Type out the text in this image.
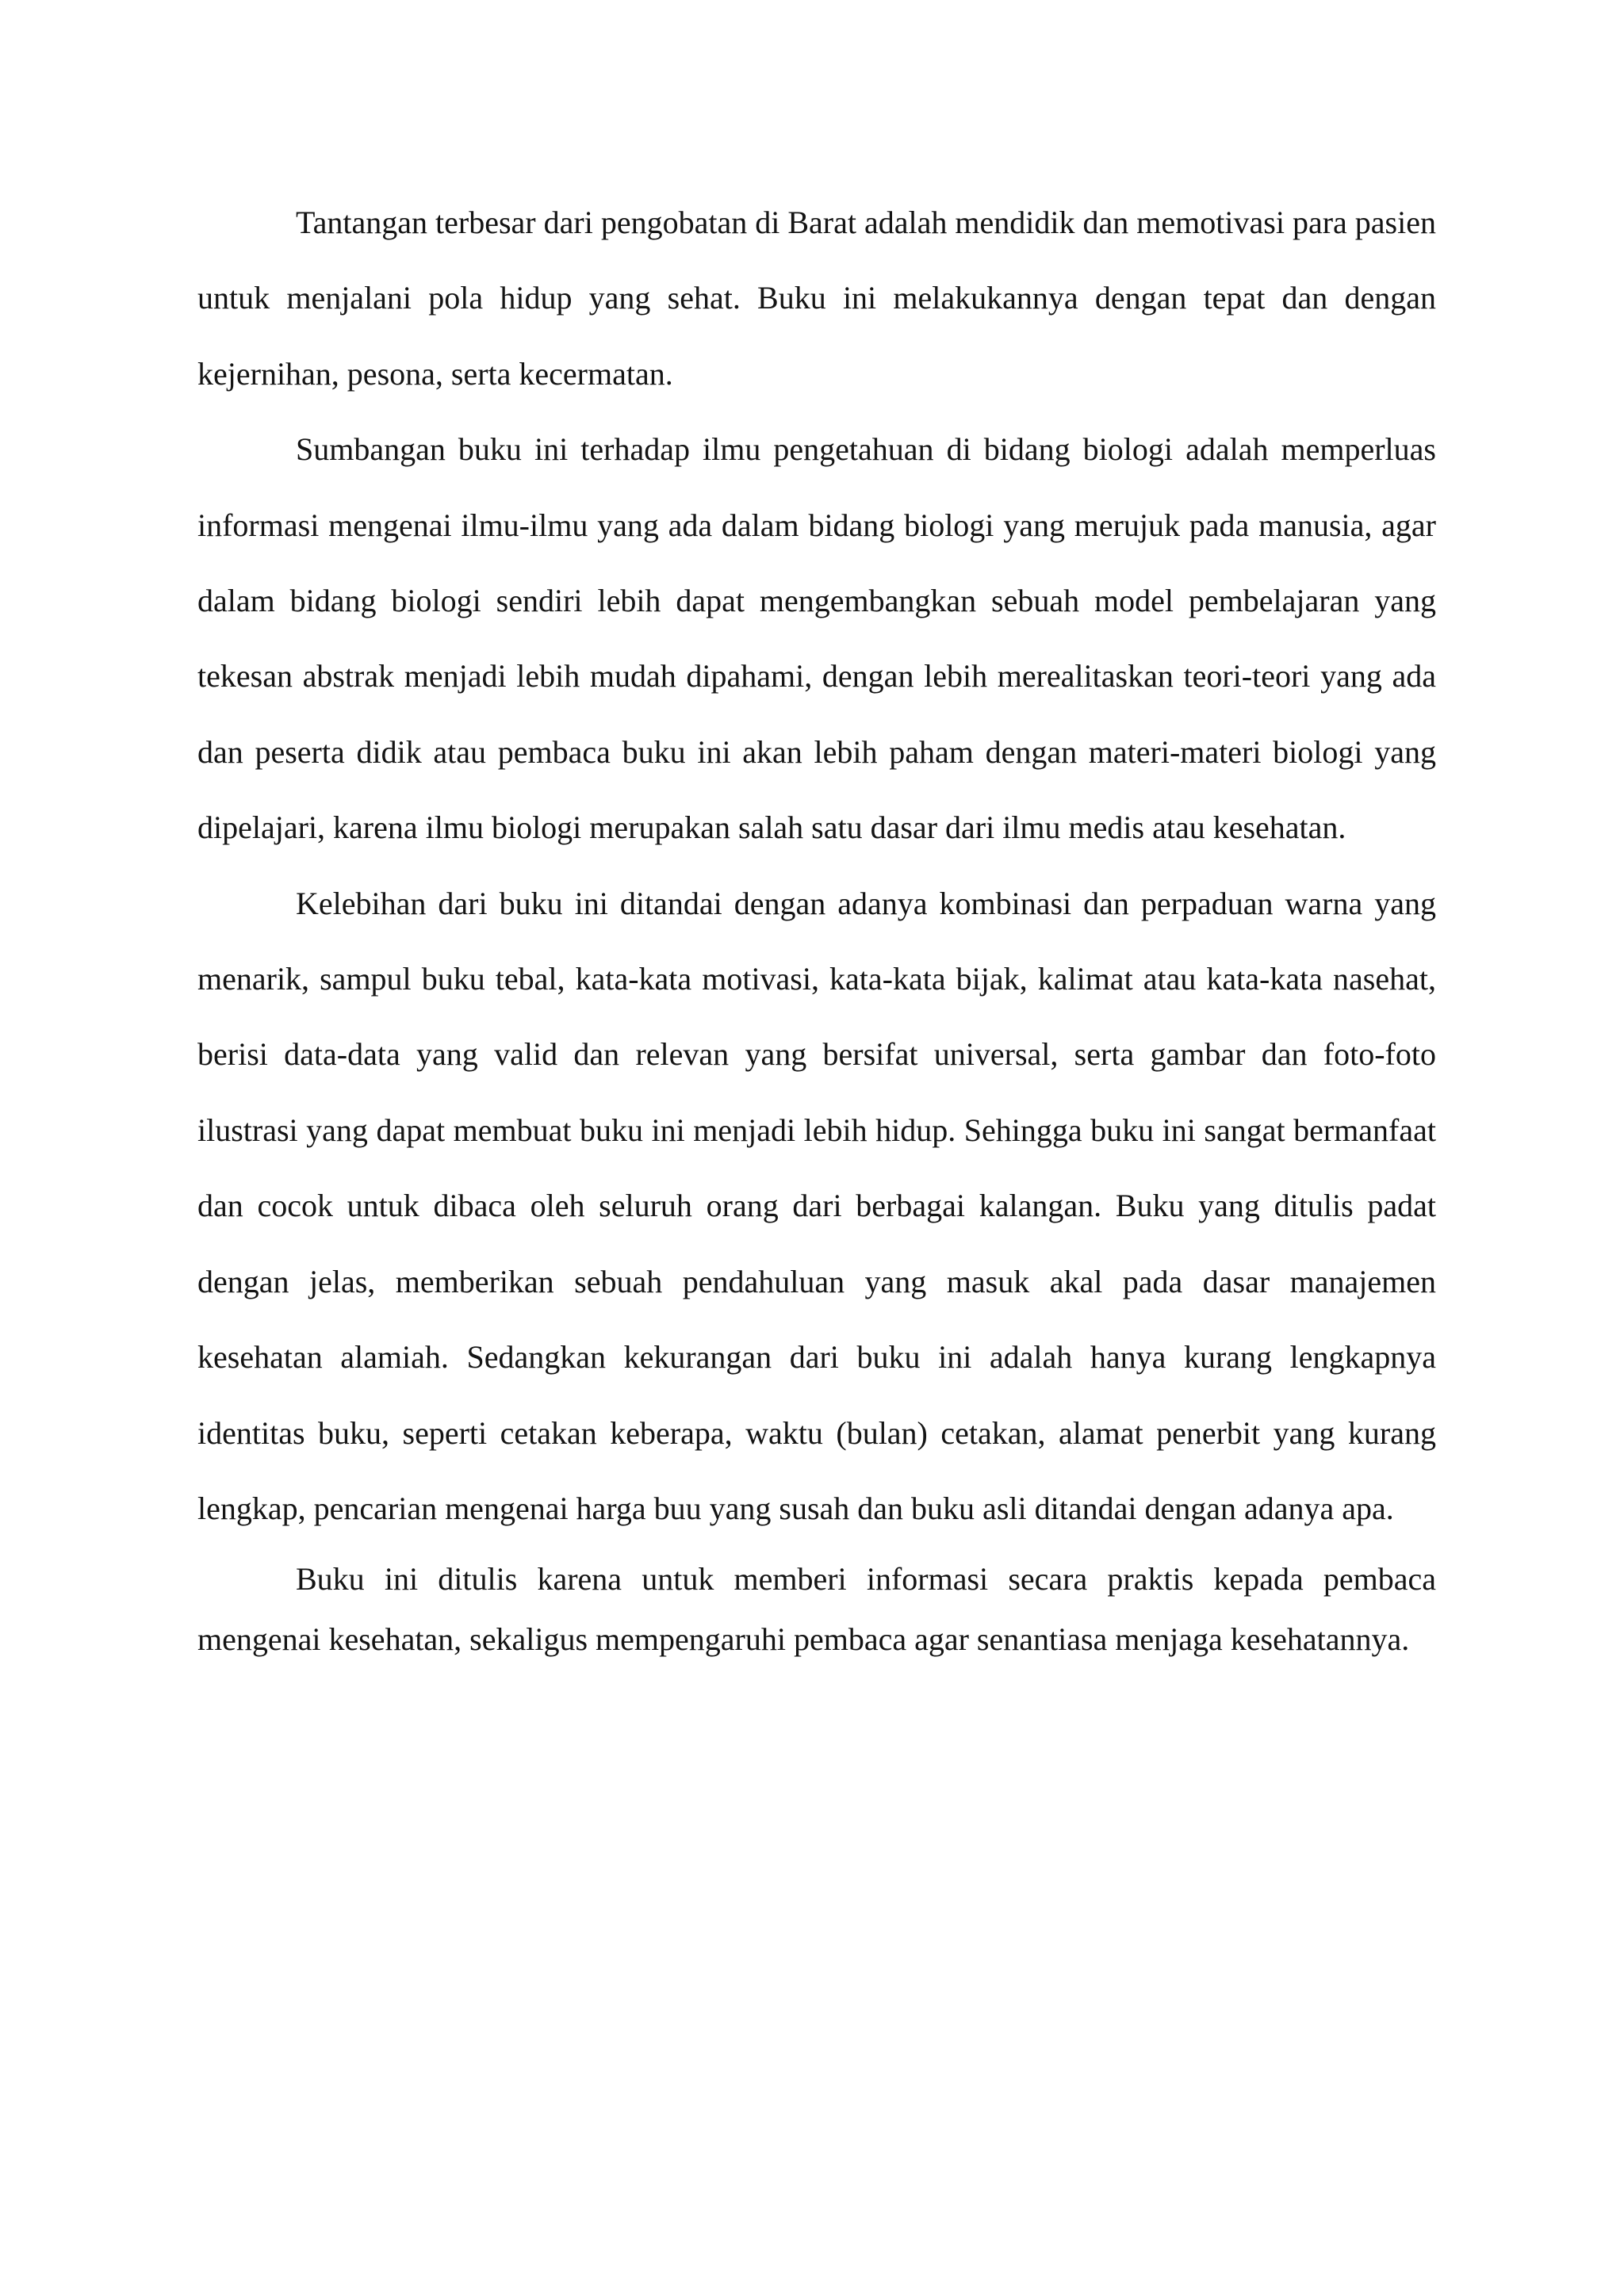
Tantangan terbesar dari pengobatan di Barat adalah mendidik dan memotivasi para pasien untuk menjalani pola hidup yang sehat. Buku ini melakukannya dengan tepat dan dengan kejernihan, pesona, serta kecermatan.

Sumbangan buku ini terhadap ilmu pengetahuan di bidang biologi adalah memperluas informasi mengenai ilmu-ilmu yang ada dalam bidang biologi yang merujuk pada manusia, agar dalam bidang biologi sendiri lebih dapat mengembangkan sebuah model pembelajaran yang tekesan abstrak menjadi lebih mudah dipahami, dengan lebih merealitaskan teori-teori yang ada dan peserta didik atau pembaca buku ini akan lebih paham dengan materi-materi biologi yang dipelajari, karena ilmu biologi merupakan salah satu dasar dari ilmu medis atau kesehatan.

Kelebihan dari buku ini ditandai dengan adanya kombinasi dan perpaduan warna yang menarik, sampul buku tebal, kata-kata motivasi, kata-kata bijak, kalimat atau kata-kata nasehat, berisi data-data yang valid dan relevan yang bersifat universal, serta gambar dan foto-foto ilustrasi yang dapat membuat buku ini menjadi lebih hidup. Sehingga buku ini sangat bermanfaat dan cocok untuk dibaca oleh seluruh orang dari berbagai kalangan. Buku yang ditulis padat dengan jelas, memberikan sebuah pendahuluan yang masuk akal pada dasar manajemen kesehatan alamiah. Sedangkan kekurangan dari buku ini adalah hanya kurang lengkapnya identitas buku, seperti cetakan keberapa, waktu (bulan) cetakan, alamat penerbit yang kurang lengkap, pencarian mengenai harga buu yang susah dan buku asli ditandai dengan adanya apa.

Buku ini ditulis karena untuk memberi informasi secara praktis kepada pembaca mengenai kesehatan, sekaligus mempengaruhi pembaca agar senantiasa menjaga kesehatannya.
